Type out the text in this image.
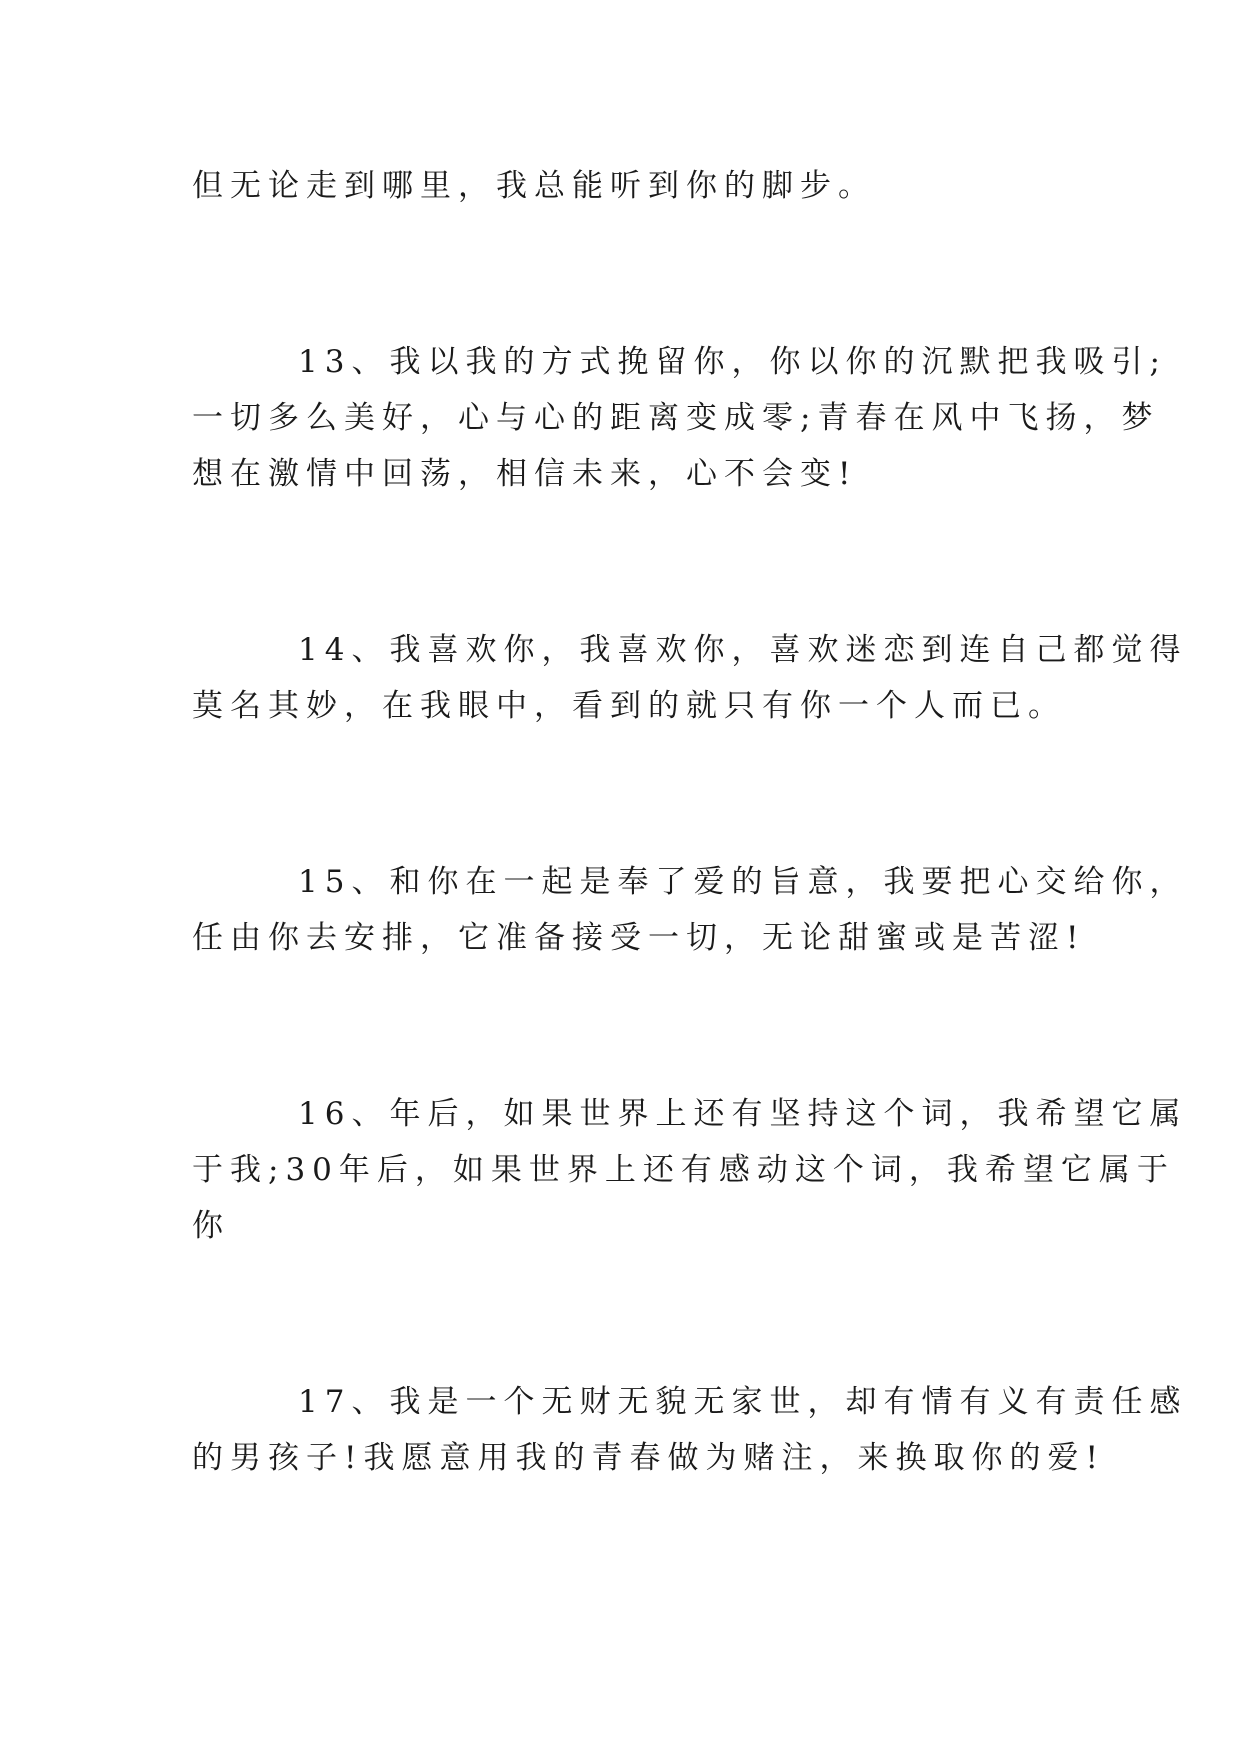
但无论走到哪里，我总能听到你的脚步。
13、我以我的方式挽留你，你以你的沉默把我吸引;
一切多么美好，心与心的距离变成零;青春在风中飞扬，梦
想在激情中回荡，相信未来，心不会变!
14、我喜欢你，我喜欢你，喜欢迷恋到连自己都觉得
莫名其妙，在我眼中，看到的就只有你一个人而已。
15、和你在一起是奉了爱的旨意，我要把心交给你，
任由你去安排，它准备接受一切，无论甜蜜或是苦涩!
16、年后，如果世界上还有坚持这个词，我希望它属
于我;30年后，如果世界上还有感动这个词，我希望它属于
你
17、我是一个无财无貌无家世，却有情有义有责任感
的男孩子!我愿意用我的青春做为赌注，来换取你的爱!
